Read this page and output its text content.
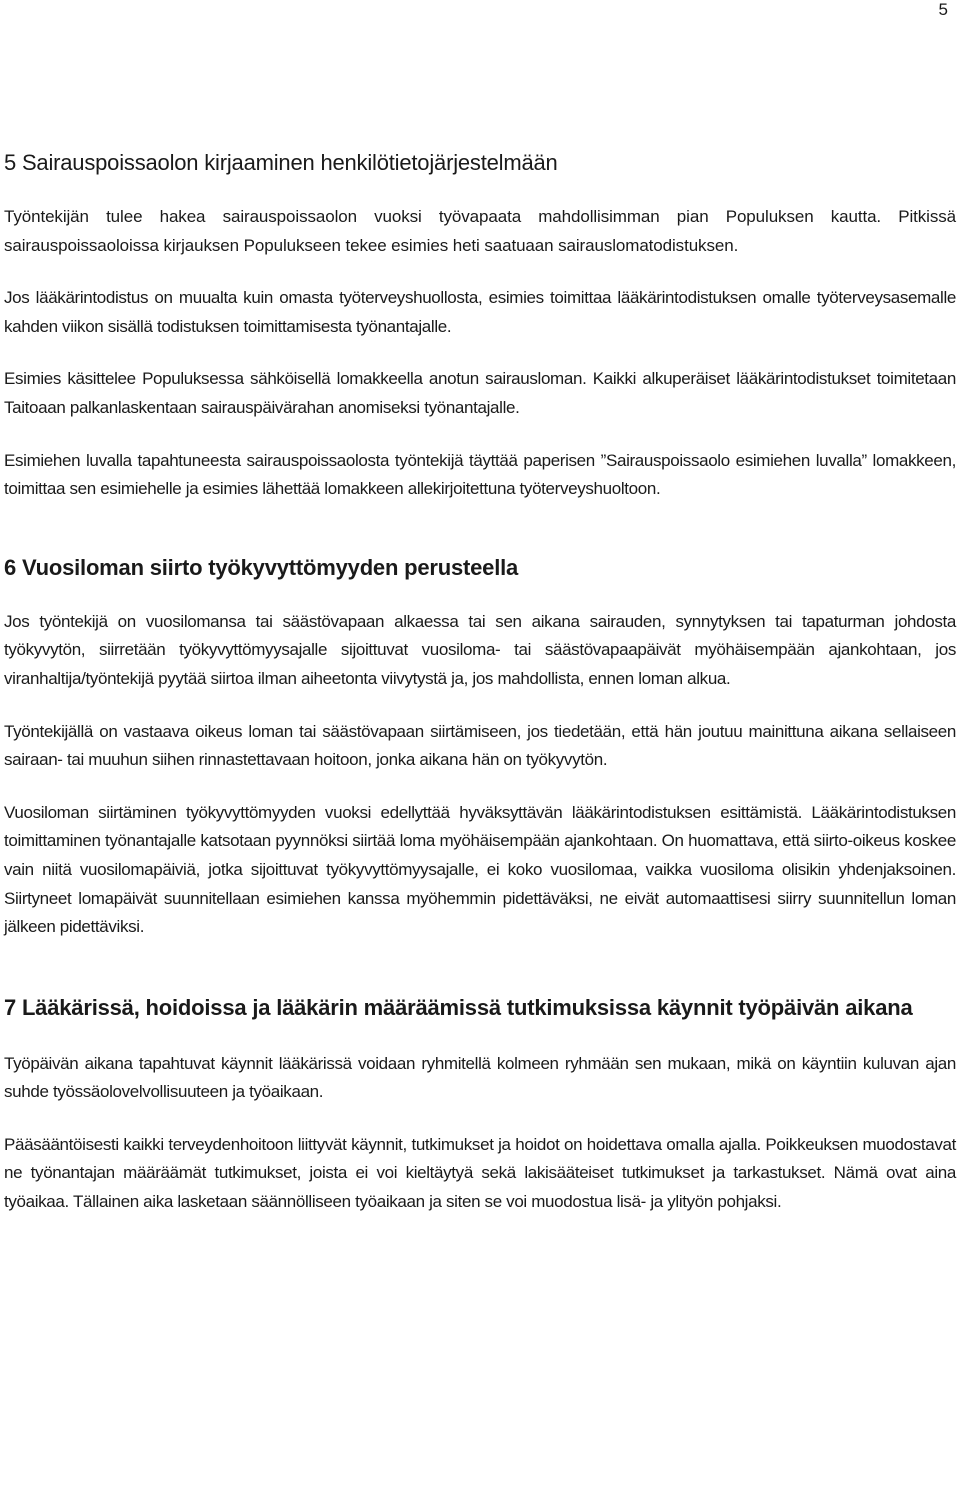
5
5 Sairauspoissaolon kirjaaminen henkilötietojärjestelmään

Työntekijän tulee hakea sairauspoissaolon vuoksi työvapaata mahdollisimman pian Populuksen kautta. Pitkissä sairauspoissaoloissa kirjauksen Populukseen tekee esimies heti saatuaan sairauslomatodistuksen.

Jos lääkärintodistus on muualta kuin omasta työterveyshuollosta, esimies toimittaa lääkärintodistuksen omalle työterveysasemalle kahden viikon sisällä todistuksen toimittamisesta työnantajalle.

Esimies käsittelee Populuksessa sähköisellä lomakkeella anotun sairausloman. Kaikki alkuperäiset lääkärintodistukset toimitetaan Taitoaan palkanlaskentaan sairauspäivärahan anomiseksi työnantajalle.

Esimiehen luvalla tapahtuneesta sairauspoissaolosta työntekijä täyttää paperisen ”Sairauspoissaolo esimiehen luvalla” lomakkeen, toimittaa sen esimiehelle ja esimies lähettää lomakkeen allekirjoitettuna työterveyshuoltoon.

6 Vuosiloman siirto työkyvyttömyyden perusteella

Jos työntekijä on vuosilomansa tai säästövapaan alkaessa tai sen aikana sairauden, synnytyksen tai tapaturman johdosta työkyvytön, siirretään työkyvyttömyysajalle sijoittuvat vuosiloma- tai säästövapaapäivät myöhäisempään ajankohtaan, jos viranhaltija/työntekijä pyytää siirtoa ilman aiheetonta viivytystä ja, jos mahdollista, ennen loman alkua.

Työntekijällä on vastaava oikeus loman tai säästövapaan siirtämiseen, jos tiedetään, että hän joutuu mainittuna aikana sellaiseen sairaan- tai muuhun siihen rinnastettavaan hoitoon, jonka aikana hän on työkyvytön.

Vuosiloman siirtäminen työkyvyttömyyden vuoksi edellyttää hyväksyttävän lääkärintodistuksen esittämistä. Lääkärintodistuksen toimittaminen työnantajalle katsotaan pyynnöksi siirtää loma myöhäisempään ajankohtaan. On huomattava, että siirto-oikeus koskee vain niitä vuosilomapäiviä, jotka sijoittuvat työkyvyttömyysajalle, ei koko vuosilomaa, vaikka vuosiloma olisikin yhdenjaksoinen. Siirtyneet lomapäivät suunnitellaan esimiehen kanssa myöhemmin pidettäväksi, ne eivät automaattisesi siirry suunnitellun loman jälkeen pidettäviksi.

7 Lääkärissä, hoidoissa ja lääkärin määräämissä tutkimuksissa käynnit työpäivän aikana

Työpäivän aikana tapahtuvat käynnit lääkärissä voidaan ryhmitellä kolmeen ryhmään sen mukaan, mikä on käyntiin kuluvan ajan suhde työssäolovelvollisuuteen ja työaikaan.

Pääsääntöisesti kaikki terveydenhoitoon liittyvät käynnit, tutkimukset ja hoidot on hoidettava omalla ajalla. Poikkeuksen muodostavat ne työnantajan määräämät tutkimukset, joista ei voi kieltäytyä sekä lakisääteiset tutkimukset ja tarkastukset. Nämä ovat aina työaikaa. Tällainen aika lasketaan säännölliseen työaikaan ja siten se voi muodostua lisä- ja ylityön pohjaksi.
